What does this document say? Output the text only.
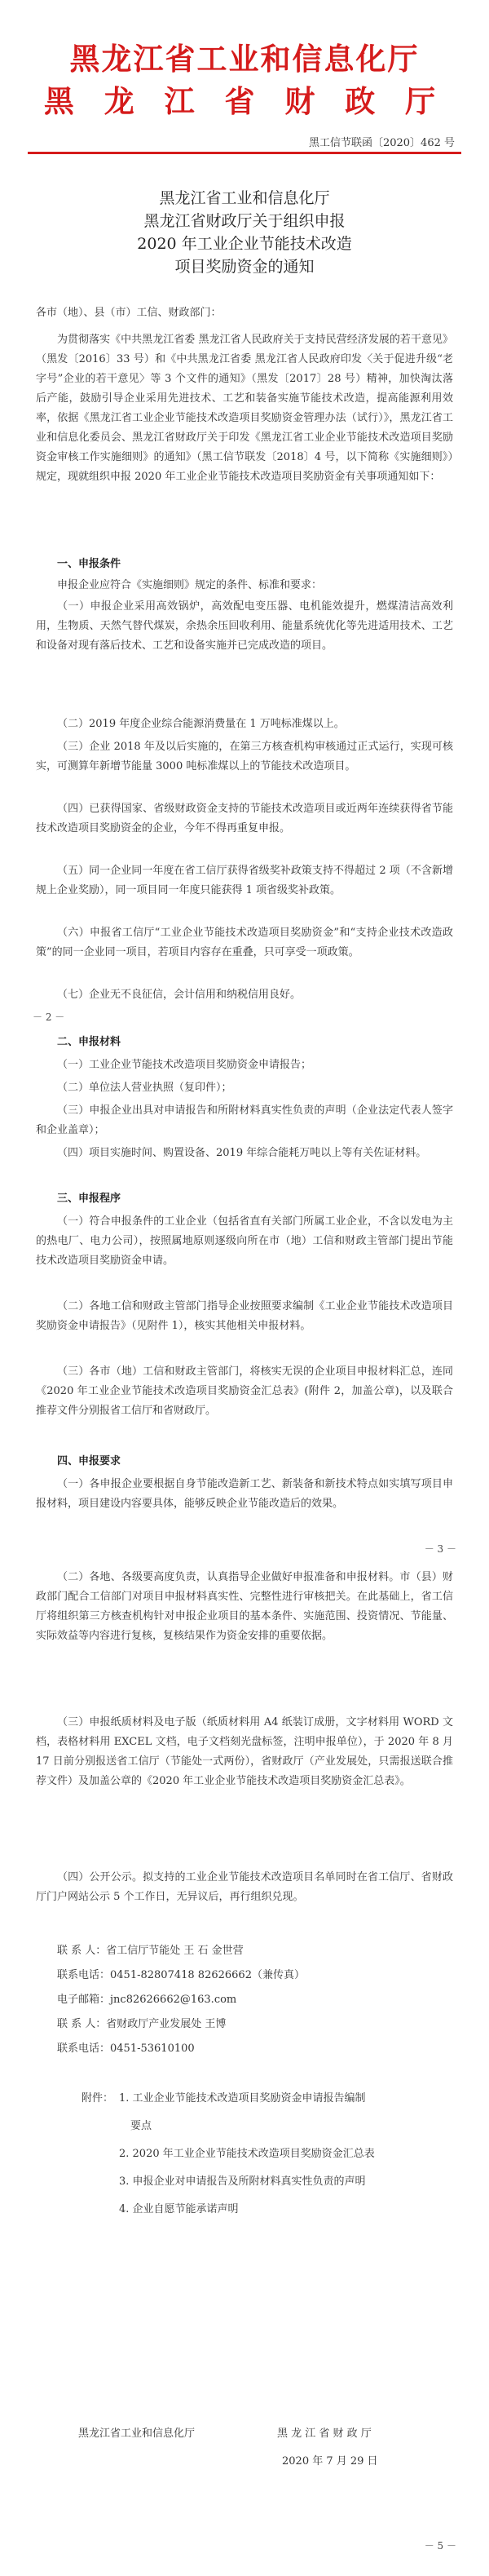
黑龙江省工业和信息化厅
黑 龙 江 省 财 政 厅
黑工信节联函〔2020〕462 号
黑龙江省工业和信息化厅
黑龙江省财政厅关于组织申报
2020 年工业企业节能技术改造
项目奖励资金的通知
各市（地）、县（市）工信、财政部门：
为贯彻落实《中共黑龙江省委 黑龙江省人民政府关于支持民营经济发展的若干意见》（黑发〔2016〕33 号）和《中共黑龙江省委 黑龙江省人民政府印发〈关于促进升级“老字号”企业的若干意见〉等 3 个文件的通知》（黑发〔2017〕28 号）精神，加快淘汰落后产能，鼓励引导企业采用先进技术、工艺和装备实施节能技术改造，提高能源利用效率，依据《黑龙江省工业企业节能技术改造项目奖励资金管理办法（试行）》，黑龙江省工业和信息化委员会、黑龙江省财政厅关于印发《黑龙江省工业企业节能技术改造项目奖励资金审核工作实施细则》的通知》（黑工信节联发〔2018〕4 号，以下简称《实施细则》）规定，现就组织申报 2020 年工业企业节能技术改造项目奖励资金有关事项通知如下：
一、申报条件
申报企业应符合《实施细则》规定的条件、标准和要求：
（一）申报企业采用高效锅炉，高效配电变压器、电机能效提升，燃煤清洁高效利用，生物质、天然气替代煤炭，余热余压回收利用、能量系统优化等先进适用技术、工艺和设备对现有落后技术、工艺和设备实施并已完成改造的项目。
（二）2019 年度企业综合能源消费量在 1 万吨标准煤以上。
（三）企业 2018 年及以后实施的，在第三方核查机构审核通过正式运行，实现可核实，可测算年新增节能量 3000 吨标准煤以上的节能技术改造项目。
（四）已获得国家、省级财政资金支持的节能技术改造项目或近两年连续获得省节能技术改造项目奖励资金的企业，今年不得再重复申报。
（五）同一企业同一年度在省工信厅获得省级奖补政策支持不得超过 2 项（不含新增规上企业奖励），同一项目同一年度只能获得 1 项省级奖补政策。
（六）申报省工信厅“工业企业节能技术改造项目奖励资金”和“支持企业技术改造政策”的同一企业同一项目，若项目内容存在重叠，只可享受一项政策。
（七）企业无不良征信，会计信用和纳税信用良好。
－ 2 －
二、申报材料
（一）工业企业节能技术改造项目奖励资金申请报告；
（二）单位法人营业执照（复印件）；
（三）申报企业出具对申请报告和所附材料真实性负责的声明（企业法定代表人签字和企业盖章）；
（四）项目实施时间、购置设备、2019 年综合能耗万吨以上等有关佐证材料。
三、申报程序
（一）符合申报条件的工业企业（包括省直有关部门所属工业企业，不含以发电为主的热电厂、电力公司），按照属地原则逐级向所在市（地）工信和财政主管部门提出节能技术改造项目奖励资金申请。
（二）各地工信和财政主管部门指导企业按照要求编制《工业企业节能技术改造项目奖励资金申请报告》（见附件 1），核实其他相关申报材料。
（三）各市（地）工信和财政主管部门，将核实无误的企业项目申报材料汇总，连同《2020 年工业企业节能技术改造项目奖励资金汇总表》(附件 2，加盖公章)，以及联合推荐文件分别报省工信厅和省财政厅。
四、申报要求
（一）各申报企业要根据自身节能改造新工艺、新装备和新技术特点如实填写项目申报材料，项目建设内容要具体，能够反映企业节能改造后的效果。
－ 3 －
（二）各地、各级要高度负责，认真指导企业做好申报准备和申报材料。市（县）财政部门配合工信部门对项目申报材料真实性、完整性进行审核把关。在此基础上，省工信厅将组织第三方核查机构针对申报企业项目的基本条件、实施范围、投资情况、节能量、实际效益等内容进行复核，复核结果作为资金安排的重要依据。
（三）申报纸质材料及电子版（纸质材料用 A4 纸装订成册，文字材料用 WORD 文档，表格材料用 EXCEL 文档，电子文档刻光盘标签，注明申报单位），于 2020 年 8 月 17 日前分别报送省工信厅（节能处一式两份），省财政厅（产业发展处，只需报送联合推荐文件）及加盖公章的《2020 年工业企业节能技术改造项目奖励资金汇总表》。
（四）公开公示。拟支持的工业企业节能技术改造项目名单同时在省工信厅、省财政厅门户网站公示 5 个工作日，无异议后，再行组织兑现。
联 系 人：省工信厅节能处 王 石 金世营
联系电话：0451-82807418 82626662（兼传真）
电子邮箱：jnc82626662@163.com
联 系 人：省财政厅产业发展处 王博
联系电话：0451-53610100
附件： 1. 工业企业节能技术改造项目奖励资金申请报告编制
要点
2. 2020 年工业企业节能技术改造项目奖励资金汇总表
3. 申报企业对申请报告及所附材料真实性负责的声明
4. 企业自愿节能承诺声明
黑龙江省工业和信息化厅	黑 龙 江 省 财 政 厅
2020 年 7 月 29 日
－ 5 －
